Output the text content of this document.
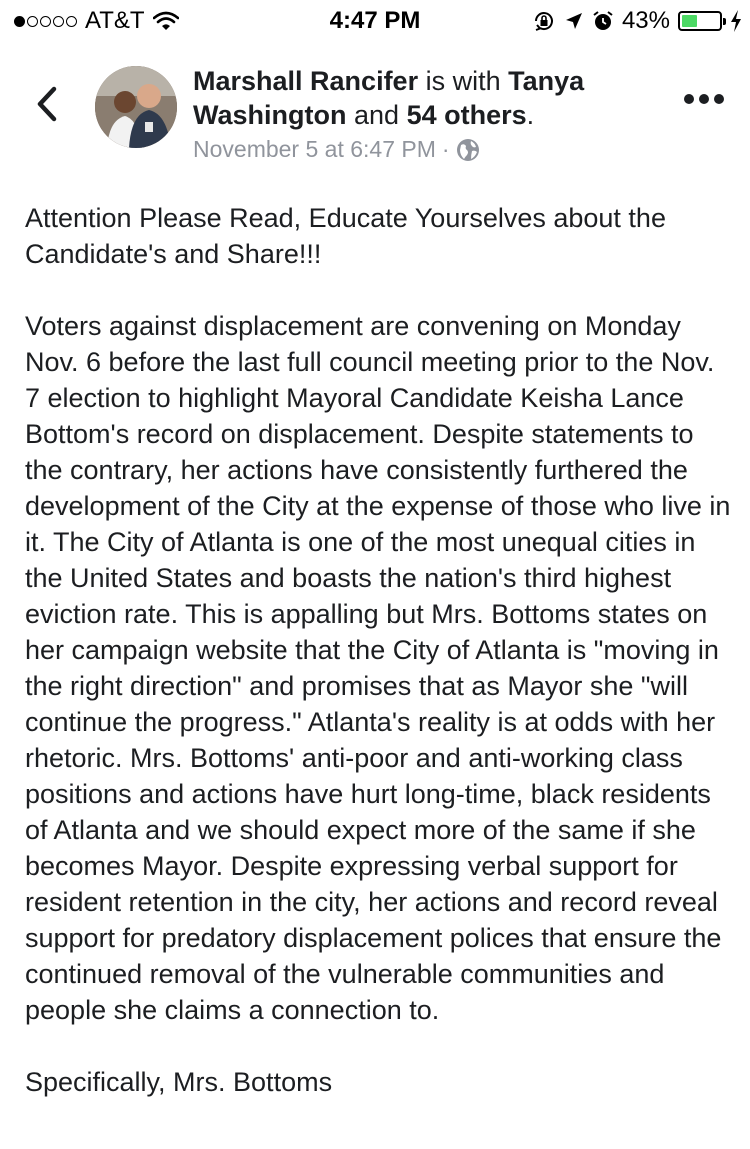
AT&T	4:47 PM	43%
Marshall Rancifer is with Tanya Washington and 54 others.
November 5 at 6:47 PM ·

Attention Please Read, Educate Yourselves about the Candidate's and Share!!!

Voters against displacement are convening on Monday Nov. 6 before the last full council meeting prior to the Nov. 7 election to highlight Mayoral Candidate Keisha Lance Bottom's record on displacement. Despite statements to the contrary, her actions have consistently furthered the development of the City at the expense of those who live in it. The City of Atlanta is one of the most unequal cities in the United States and boasts the nation's third highest eviction rate. This is appalling but Mrs. Bottoms states on her campaign website that the City of Atlanta is "moving in the right direction" and promises that as Mayor she "will continue the progress." Atlanta's reality is at odds with her rhetoric. Mrs. Bottoms' anti-poor and anti-working class positions and actions have hurt long-time, black residents of Atlanta and we should expect more of the same if she becomes Mayor. Despite expressing verbal support for resident retention in the city, her actions and record reveal support for predatory displacement polices that ensure the continued removal of the vulnerable communities and people she claims a connection to.

Specifically, Mrs. Bottoms
